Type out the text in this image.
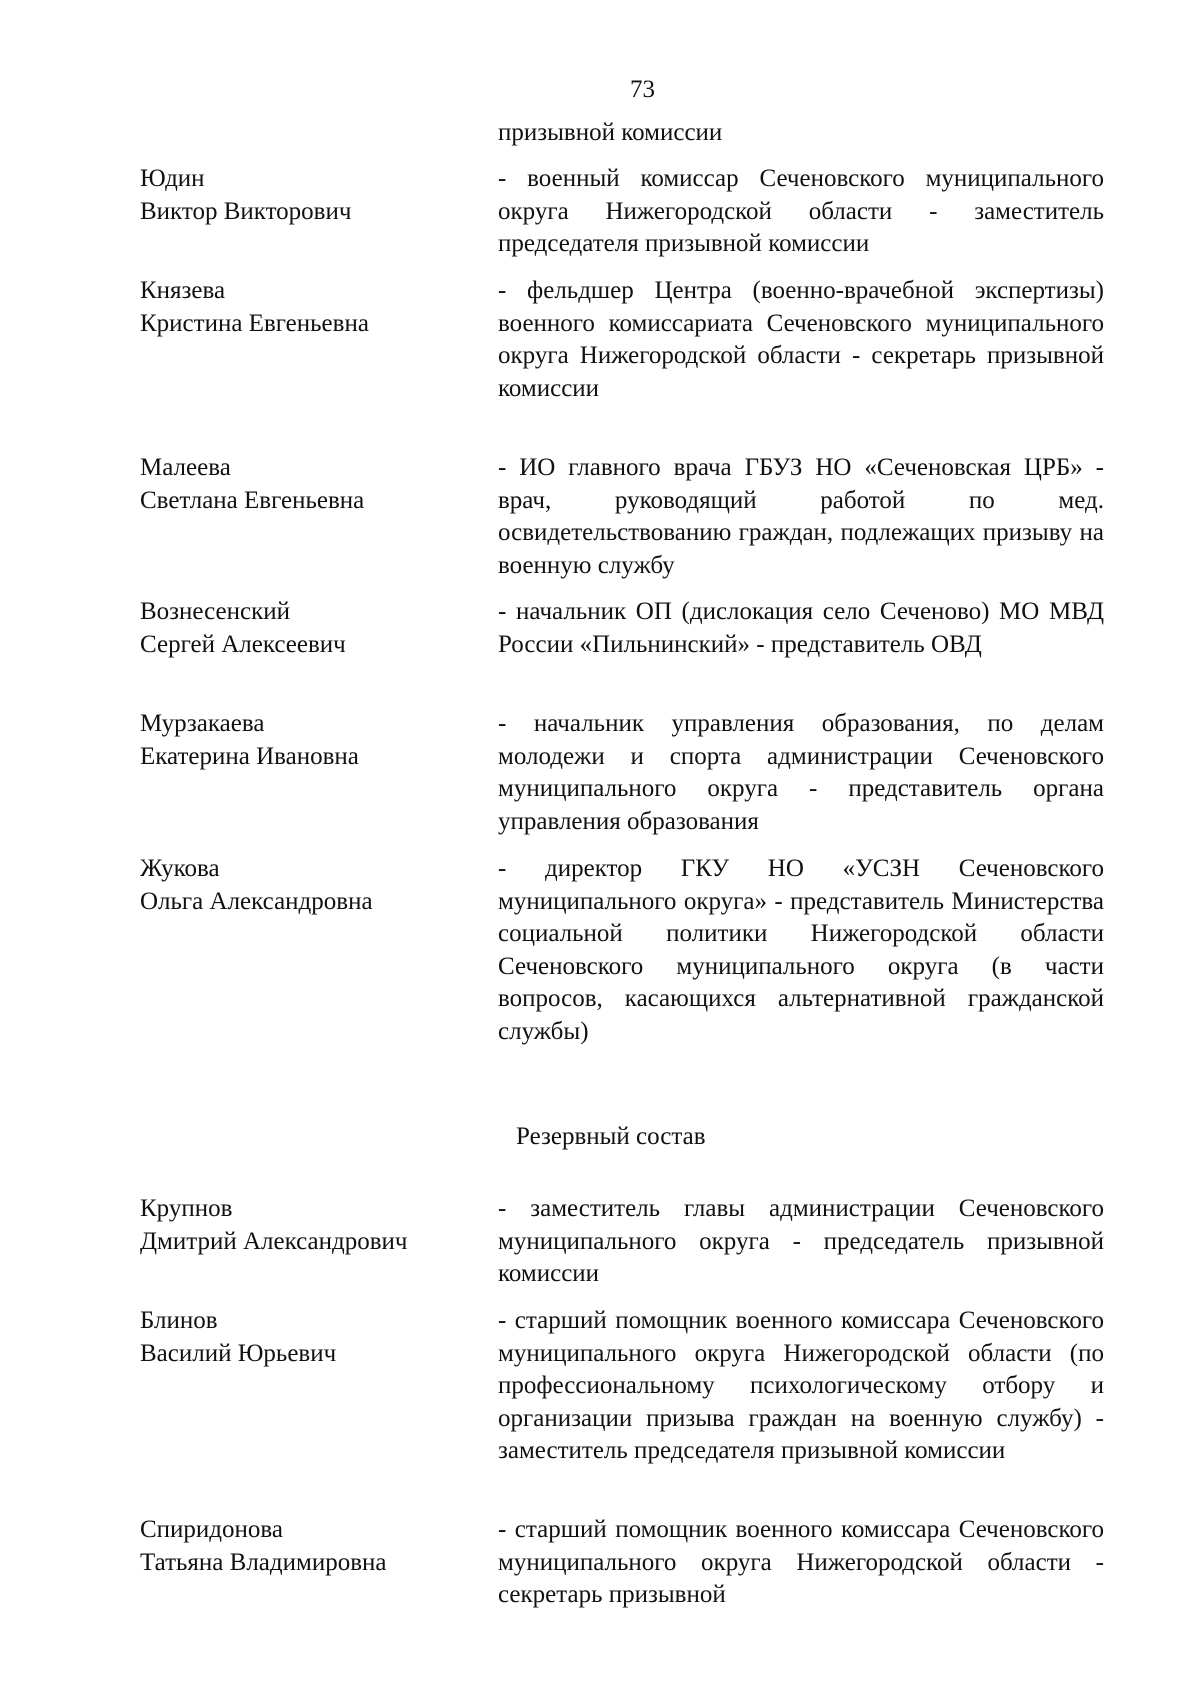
73
призывной комиссии
Юдин
Виктор Викторович
- военный комиссар Сеченовского муниципального округа Нижегородской области - заместитель председателя призывной комиссии
Князева
Кристина Евгеньевна
- фельдшер Центра (военно-врачебной экспертизы) военного комиссариата Сеченовского муниципального округа Нижегородской области - секретарь призывной комиссии
Малеева
Светлана Евгеньевна
- ИО главного врача ГБУЗ НО «Сеченовская ЦРБ» - врач, руководящий работой по мед. освидетельствованию граждан, подлежащих призыву на военную службу
Вознесенский
Сергей Алексеевич
- начальник ОП (дислокация село Сеченово) МО МВД России «Пильнинский» - представитель ОВД
Мурзакаева
Екатерина Ивановна
- начальник управления образования, по делам молодежи и спорта администрации Сеченовского муниципального округа - представитель органа управления образования
Жукова
Ольга Александровна
- директор ГКУ НО «УСЗН Сеченовского муниципального округа» - представитель Министерства социальной политики Нижегородской области Сеченовского муниципального округа (в части вопросов, касающихся альтернативной гражданской службы)
Резервный состав
Крупнов
Дмитрий Александрович
- заместитель главы администрации Сеченовского муниципального округа - председатель призывной комиссии
Блинов
Василий Юрьевич
- старший помощник военного комиссара Сеченовского муниципального округа Нижегородской области (по профессиональному психологическому отбору и организации призыва граждан на военную службу) - заместитель председателя призывной комиссии
Спиридонова
Татьяна Владимировна
- старший помощник военного комиссара Сеченовского муниципального округа Нижегородской области - секретарь призывной
